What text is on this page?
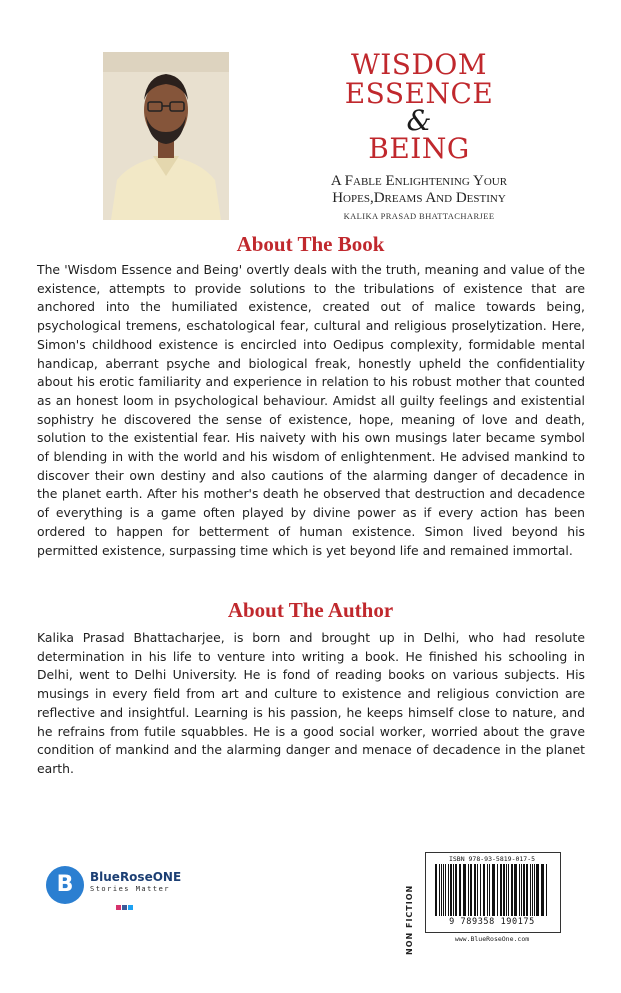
WISDOM
ESSENCE
&
BEING
A Fable Enlightening Your
Hopes,Dreams And Destiny
KALIKA PRASAD BHATTACHARJEE
About The Book
The 'Wisdom Essence and Being' overtly deals with the truth, meaning and value of the existence, attempts to provide solutions to the tribulations of existence that are anchored into the humiliated existence, created out of malice towards being, psychological tremens, eschatological fear, cultural and religious proselytization. Here, Simon's childhood existence is encircled into Oedipus complexity, formidable mental handicap, aberrant psyche and biological freak, honestly upheld the confidentiality about his erotic familiarity and experience in relation to his robust mother that counted as an honest loom in psychological behaviour. Amidst all guilty feelings and existential sophistry he discovered the sense of existence, hope, meaning of love and death, solution to the existential fear. His naivety with his own musings later became symbol of blending in with the world and his wisdom of enlightenment. He advised mankind to discover their own destiny and also cautions of the alarming danger of decadence in the planet earth. After his mother's death he observed that destruction and decadence of everything is a game often played by divine power as if every action has been ordered to happen for betterment of human existence. Simon lived beyond his permitted existence, surpassing time which is yet beyond life and remained immortal.
About The Author
Kalika Prasad Bhattacharjee, is born and brought up in Delhi, who had resolute determination in his life to venture into writing a book. He finished his schooling in Delhi, went to Delhi University. He is fond of reading books on various subjects. His musings in every field from art and culture to existence and religious conviction are reflective and insightful. Learning is his passion, he keeps himself close to nature, and he refrains from futile squabbles. He is a good social worker, worried about the grave condition of mankind and the alarming danger and menace of decadence in the planet earth.
B	BlueRoseONE
Stories Matter	NON FICTION
ISBN 978-93-5819-017-5
9 789358 190175
www.BlueRoseOne.com
